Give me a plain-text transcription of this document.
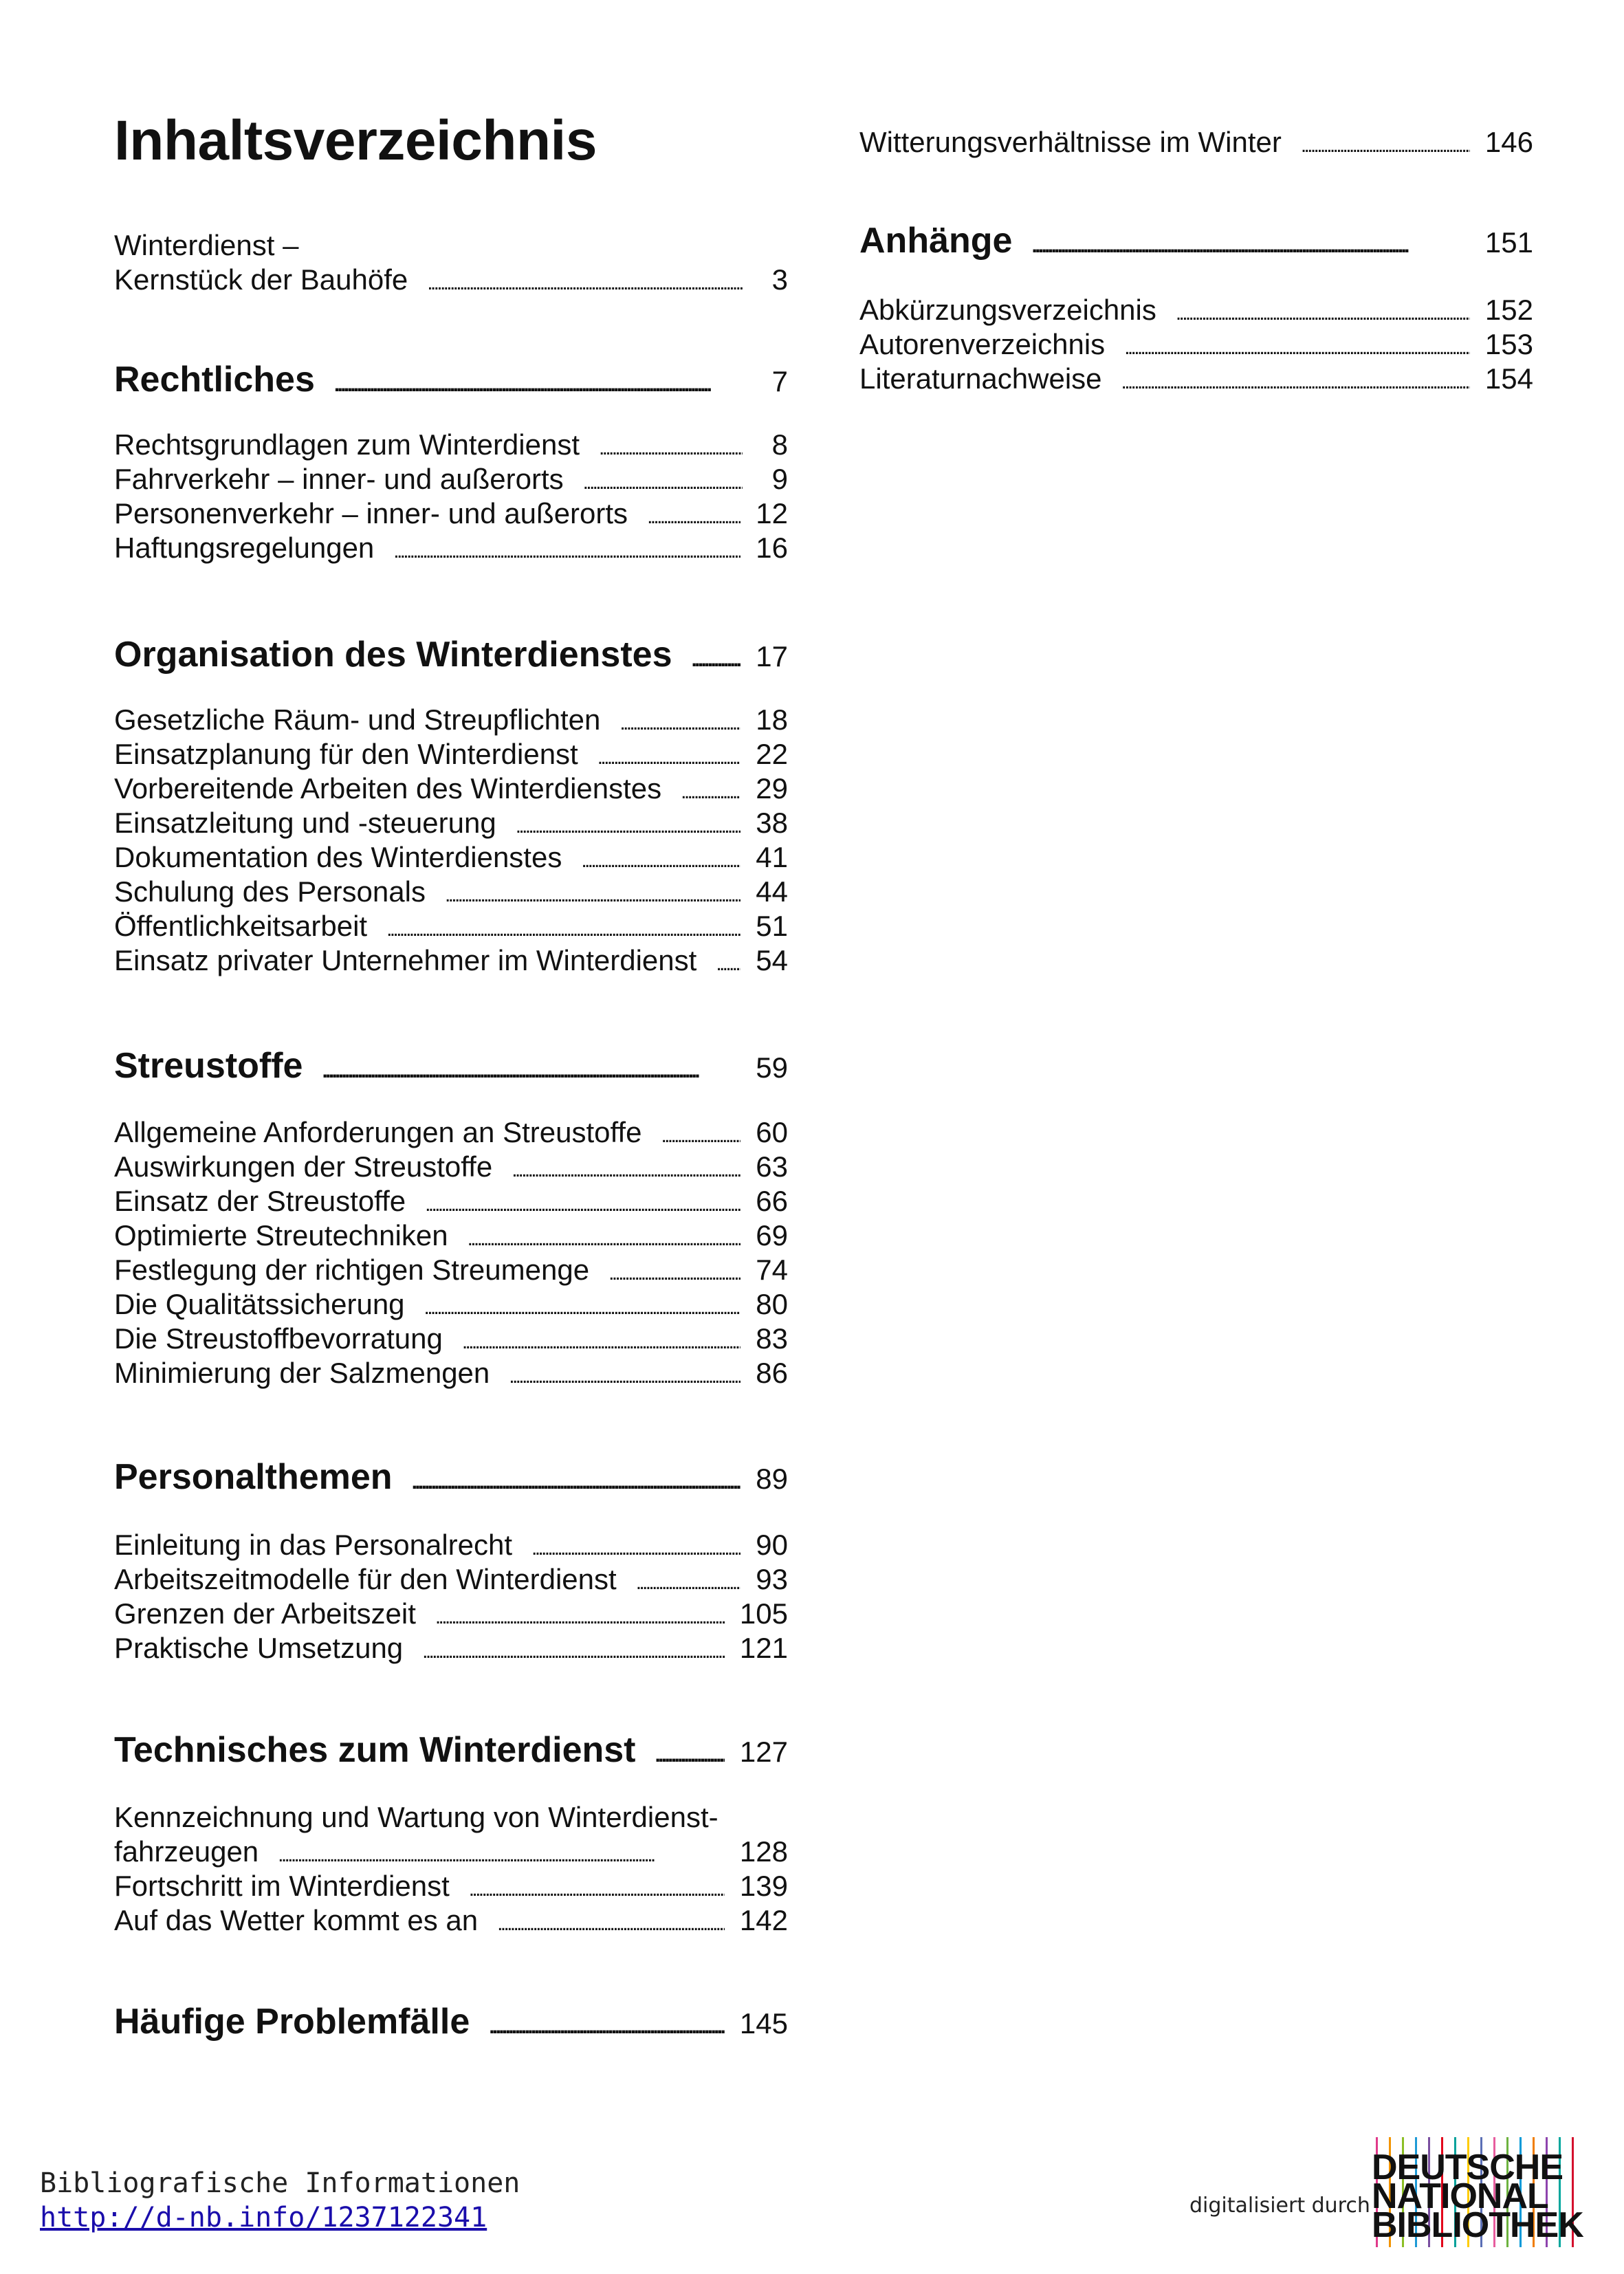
Inhaltsverzeichnis
Winterdienst –
Kernstück der Bauhöfe . . .	3
Rechtliches . . .	7
Rechtsgrundlagen zum Winterdienst . . .	8
Fahrverkehr – inner- und außerorts . . .	9
Personenverkehr – inner- und außerorts . . .	12
Haftungsregelungen . . .	16
Organisation des Winterdienstes . . .	17
Gesetzliche Räum- und Streupflichten . . .	18
Einsatzplanung für den Winterdienst . . .	22
Vorbereitende Arbeiten des Winterdienstes . . .	29
Einsatzleitung und -steuerung . . .	38
Dokumentation des Winterdienstes . . .	41
Schulung des Personals . . .	44
Öffentlichkeitsarbeit . . .	51
Einsatz privater Unternehmer im Winterdienst . . . 54
Streustoffe . . .	59
Allgemeine Anforderungen an Streustoffe . . .	60
Auswirkungen der Streustoffe . . .	63
Einsatz der Streustoffe . . .	66
Optimierte Streutechniken . . .	69
Festlegung der richtigen Streumenge . . .	74
Die Qualitätssicherung . . .	80
Die Streustoffbevorratung . . .	83
Minimierung der Salzmengen . . .	86
Personalthemen . . .	89
Einleitung in das Personalrecht . . .	90
Arbeitszeitmodelle für den Winterdienst . . .	93
Grenzen der Arbeitszeit . . .	105
Praktische Umsetzung . . .	121
Technisches zum Winterdienst . . .	127
Kennzeichnung und Wartung von Winterdienst-
fahrzeugen . . .	128
Fortschritt im Winterdienst . . .	139
Auf das Wetter kommt es an . . .	142
Häufige Problemfälle . . .	145
Witterungsverhältnisse im Winter . . .	146
Anhänge . . .	151
Abkürzungsverzeichnis . . .	152
Autorenverzeichnis . . .	153
Literaturnachweise . . .	154
Bibliografische Informationen
http://d-nb.info/1237122341	digitalisiert durch
DEUTSCHE
NATIONAL
BIBLIOTHEK
